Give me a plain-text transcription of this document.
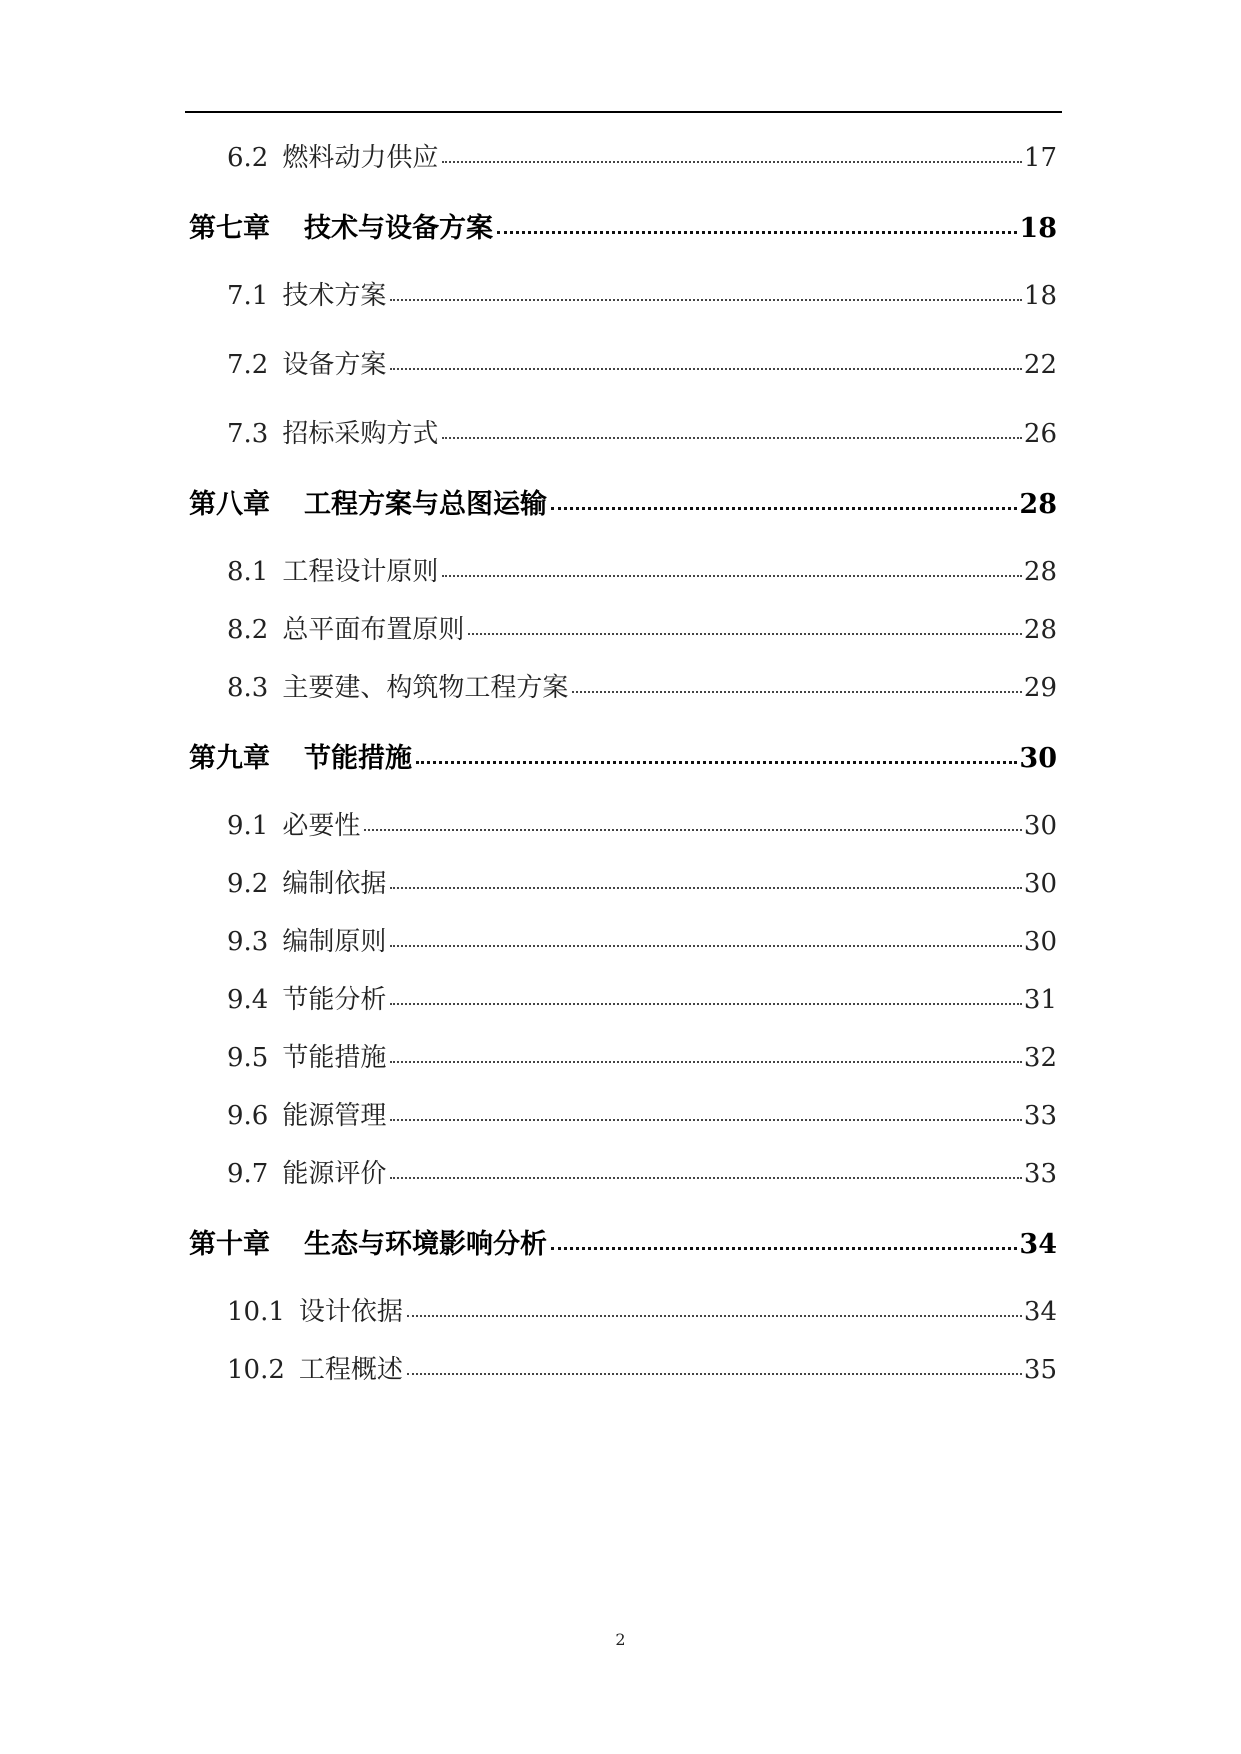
6.2 燃料动力供应	17
第七章 技术与设备方案	18
7.1 技术方案	18
7.2 设备方案	22
7.3 招标采购方式	26
第八章 工程方案与总图运输	28
8.1 工程设计原则	28
8.2 总平面布置原则	28
8.3 主要建、构筑物工程方案	29
第九章 节能措施	30
9.1 必要性	30
9.2 编制依据	30
9.3 编制原则	30
9.4 节能分析	31
9.5 节能措施	32
9.6 能源管理	33
9.7 能源评价	33
第十章 生态与环境影响分析	34
10.1 设计依据	34
10.2 工程概述	35
2
